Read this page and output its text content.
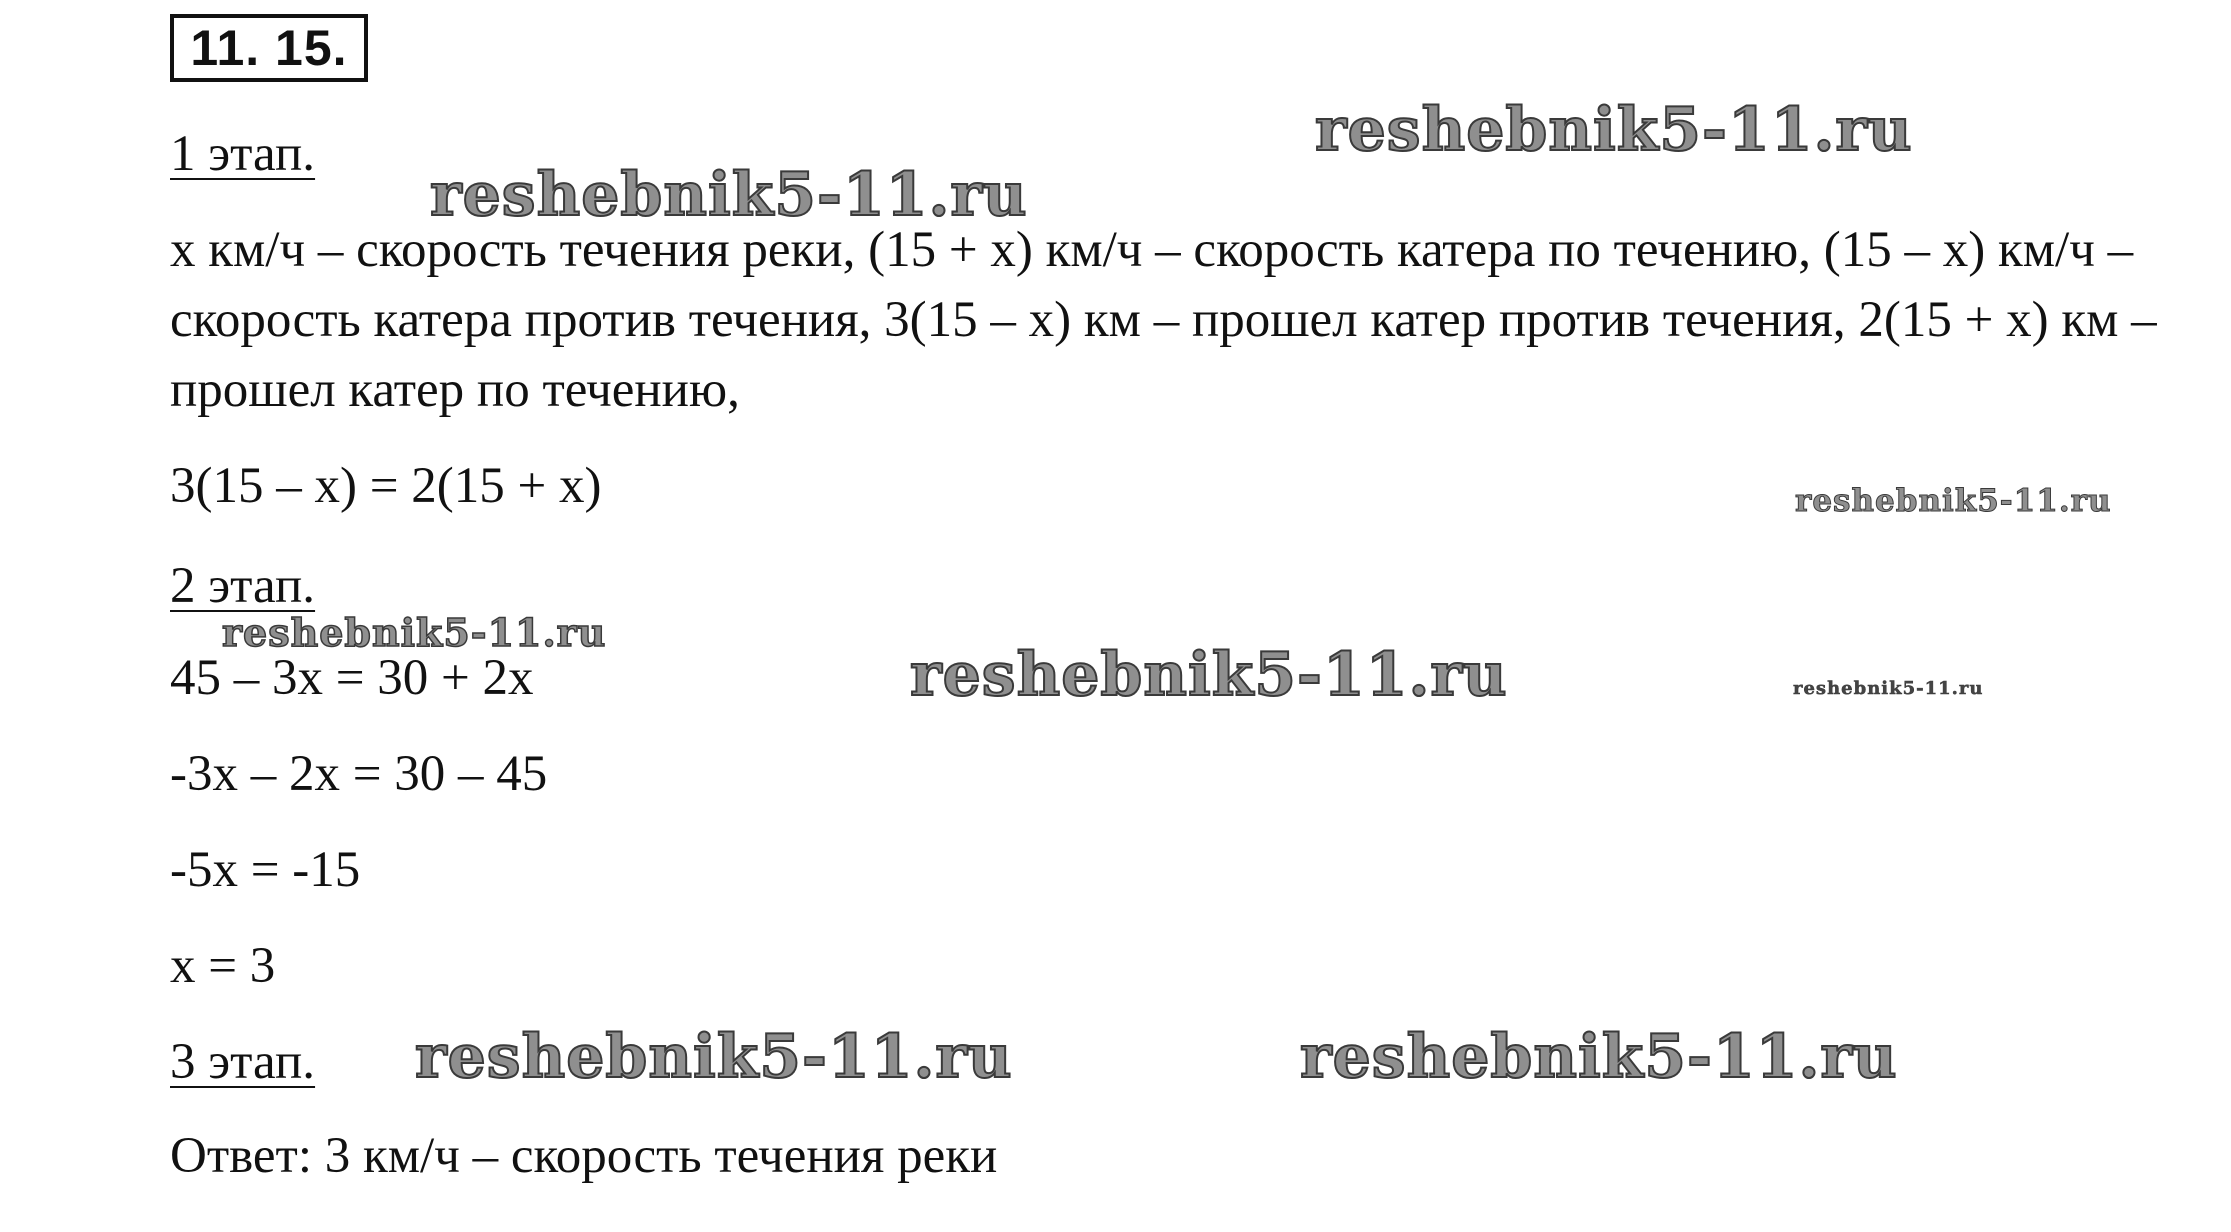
11. 15.
1 этап.
х км/ч – скорость течения реки, (15 + х) км/ч – скорость катера по течению, (15 – х) км/ч – скорость катера против течения, 3(15 – х) км – прошел катер против течения, 2(15 + х) км – прошел катер по течению,
3(15 – х) = 2(15 + х)
2 этап.
45 – 3х = 30 + 2х
-3х – 2х = 30 – 45
-5х = -15
х = 3
3 этап.
Ответ: 3 км/ч – скорость течения реки
reshebnik5-11.ru
reshebnik5-11.ru
reshebnik5-11.ru
reshebnik5-11.ru
reshebnik5-11.ru	reshebnik5-11.ru
reshebnik5-11.ru	reshebnik5-11.ru
